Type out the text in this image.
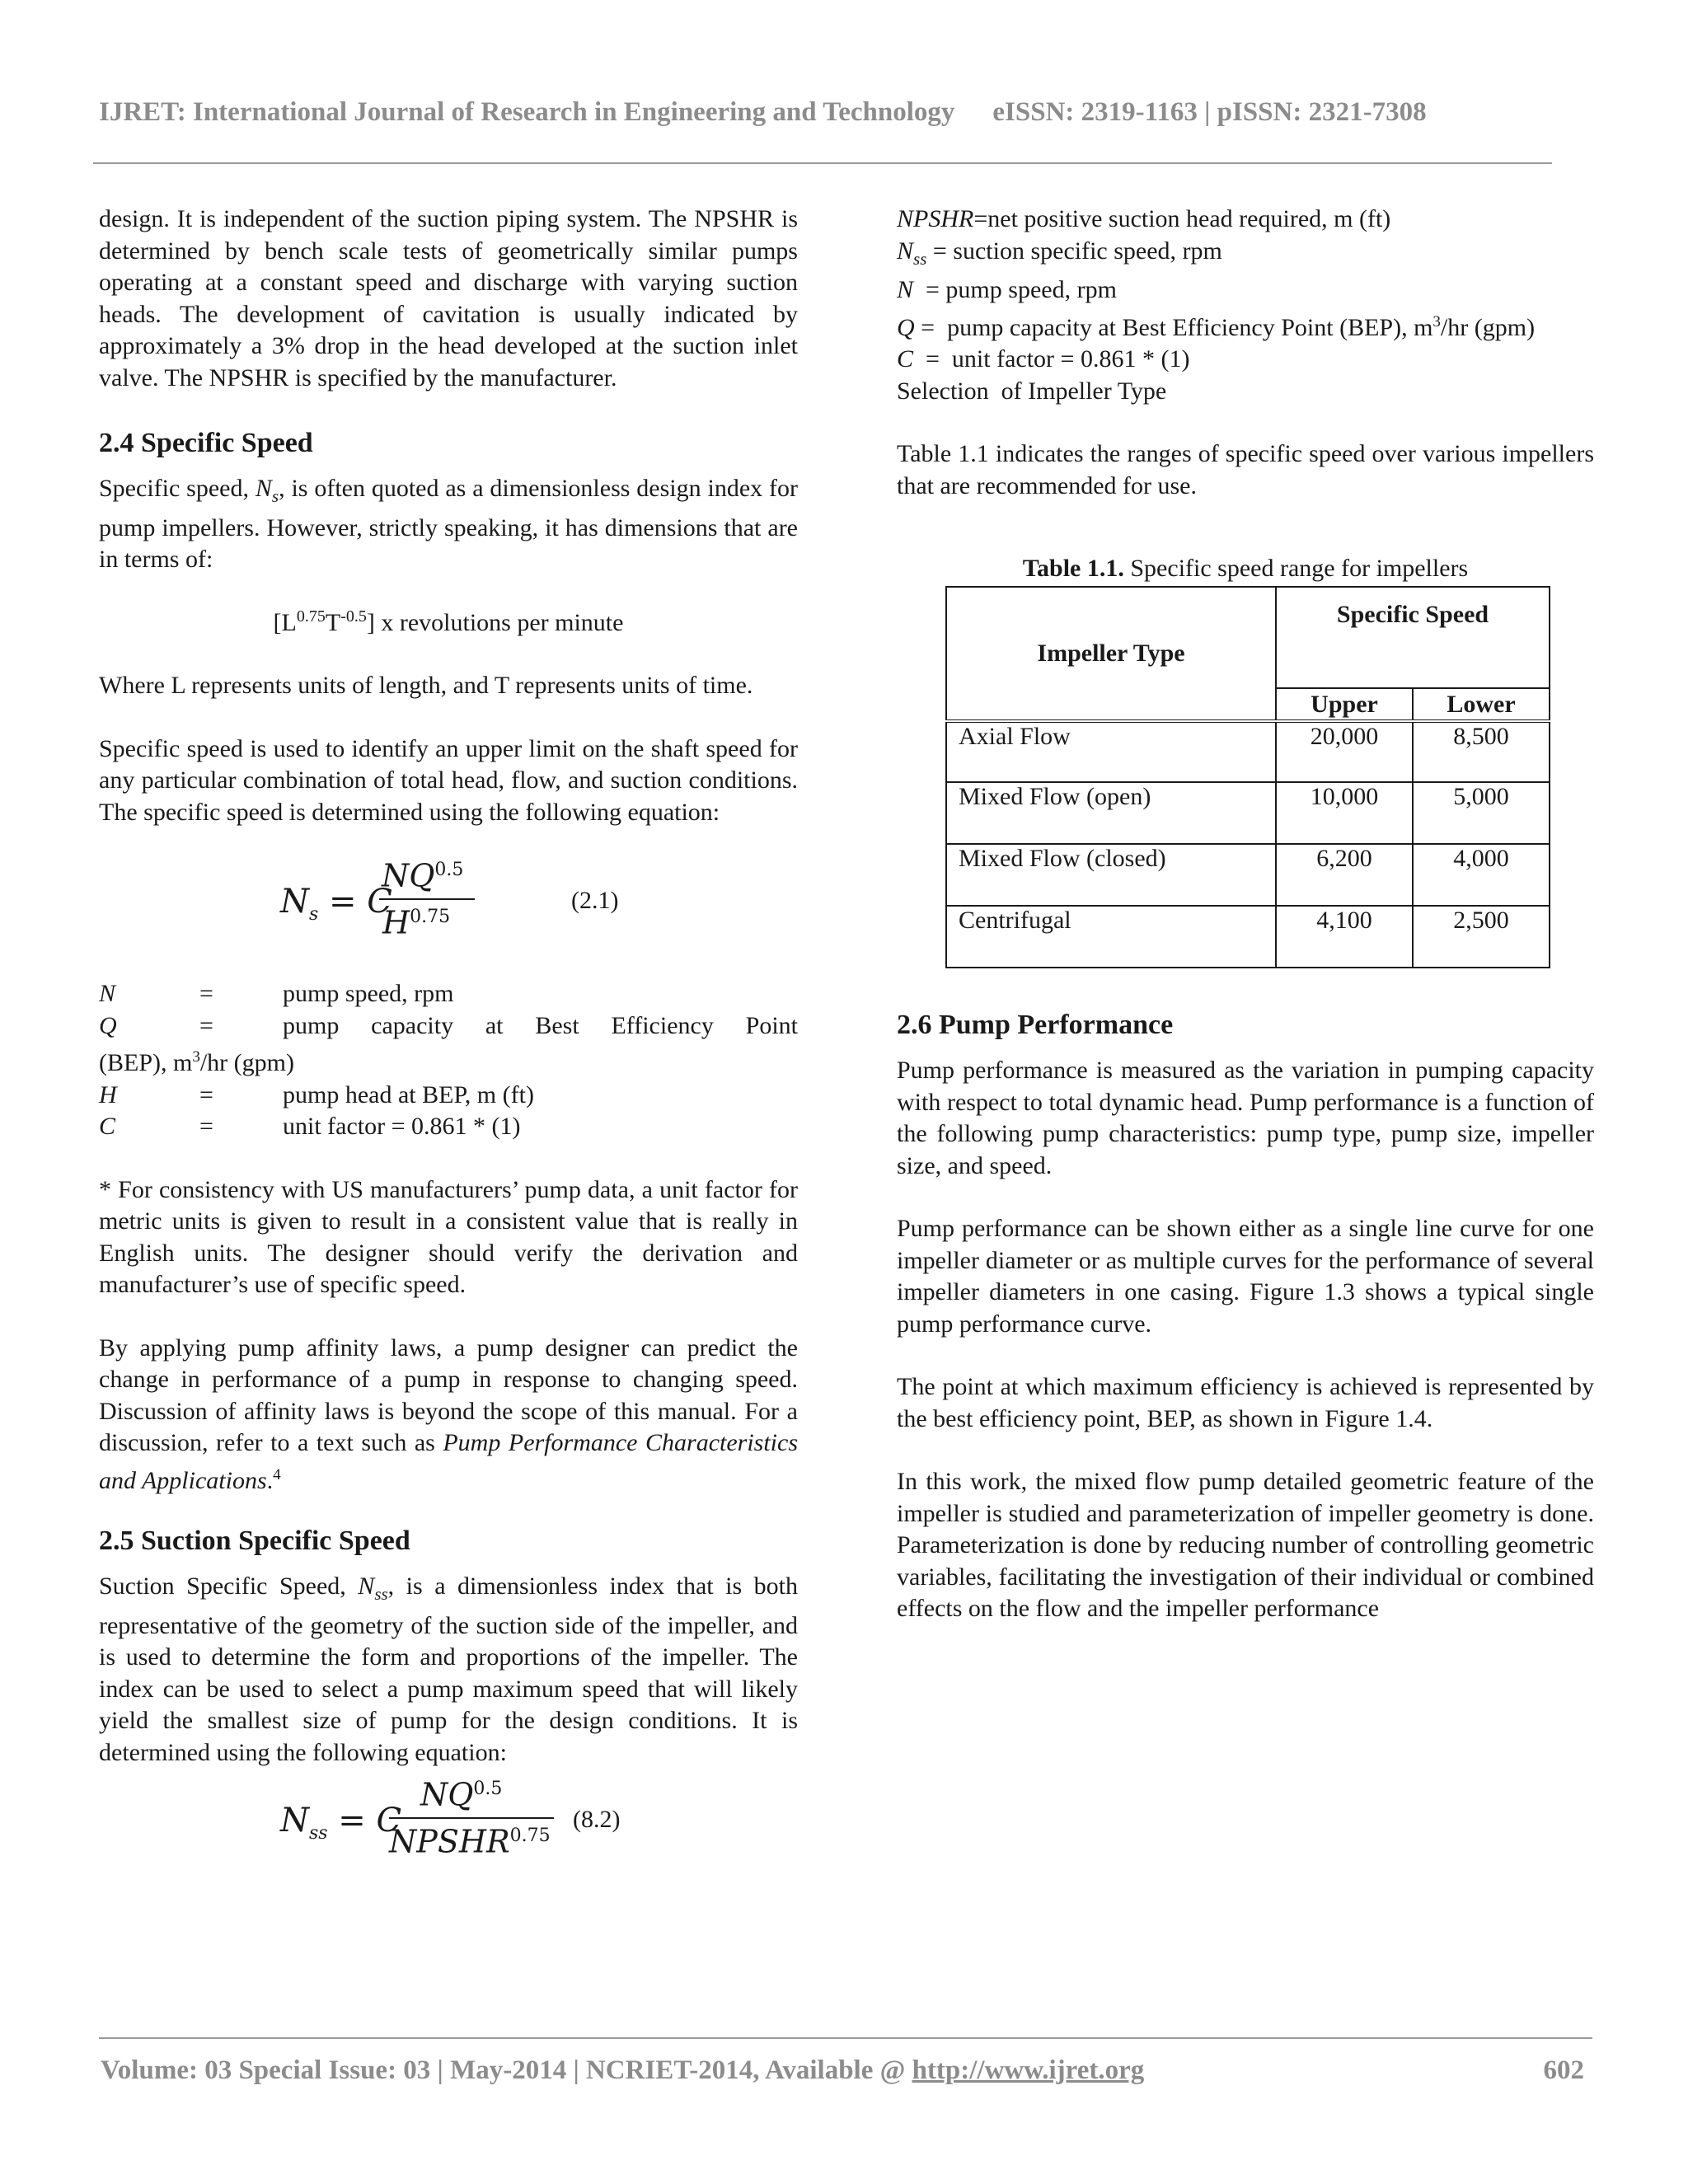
IJRET: International Journal of Research in Engineering and Technology eISSN: 2319-1163 | pISSN: 2321-7308

design. It is independent of the suction piping system. The NPSHR is determined by bench scale tests of geometrically similar pumps operating at a constant speed and discharge with varying suction heads. The development of cavitation is usually indicated by approximately a 3% drop in the head developed at the suction inlet valve. The NPSHR is specified by the manufacturer.

2.4 Specific Speed

Specific speed, $N_s$, is often quoted as a dimensionless design index for pump impellers. However, strictly speaking, it has dimensions that are in terms of:

$[L^{0.75}T^{-0.5}]$ x revolutions per minute

Where L represents units of length, and T represents units of time.

Specific speed is used to identify an upper limit on the shaft speed for any particular combination of total head, flow, and suction conditions. The specific speed is determined using the following equation:

$N_s = C$
$NQ^{0.5}$
$H^{0.75}$
(2.1)
N	=	pump speed, rpm
Q	=	pump capacity at Best Efficiency Point
(BEP), $m^3/hr$ (gpm)
H	=	pump head at BEP, m (ft)
C	=	unit factor = 0.861 * (1)

* For consistency with US manufacturers’ pump data, a unit factor for metric units is given to result in a consistent value that is really in English units. The designer should verify the derivation and manufacturer’s use of specific speed.

By applying pump affinity laws, a pump designer can predict the change in performance of a pump in response to changing speed. Discussion of affinity laws is beyond the scope of this manual. For a discussion, refer to a text such as Pump Performance Characteristics and Applications.$^4$

2.5 Suction Specific Speed

Suction Specific Speed, $N_{ss}$, is a dimensionless index that is both representative of the geometry of the suction side of the impeller, and is used to determine the form and proportions of the impeller. The index can be used to select a pump maximum speed that will likely yield the smallest size of pump for the design conditions. It is determined using the following equation:

$N_{ss} = C$
$NQ^{0.5}$
$NPSHR^{0.75}$
(8.2)
NPSHR=net positive suction head required, m (ft)
$N_{ss}$ = suction specific speed, rpm
N  = pump speed, rpm

Q =  pump capacity at Best Efficiency Point (BEP), $m^3/hr$ (gpm)

C  =  unit factor = 0.861 * (1)
Selection  of Impeller Type

Table 1.1 indicates the ranges of specific speed over various impellers that are recommended for use.

Table 1.1. Specific speed range for impellers
Impeller Type	Specific Speed	
	Upper	Lower
Axial Flow	20,000	8,500
Mixed Flow (open)	10,000	5,000
Mixed Flow (closed)	6,200	4,000
Centrifugal	4,100	2,500
2.6 Pump Performance

Pump performance is measured as the variation in pumping capacity with respect to total dynamic head. Pump performance is a function of the following pump characteristics: pump type, pump size, impeller size, and speed.

Pump performance can be shown either as a single line curve for one impeller diameter or as multiple curves for the performance of several impeller diameters in one casing. Figure 1.3 shows a typical single pump performance curve.

The point at which maximum efficiency is achieved is represented by the best efficiency point, BEP, as shown in Figure 1.4.

In this work, the mixed flow pump detailed geometric feature of the impeller is studied and parameterization of impeller geometry is done. Parameterization is done by reducing number of controlling geometric variables, facilitating the investigation of their individual or combined effects on the flow and the impeller performance

Volume: 03 Special Issue: 03 | May-2014 | NCRIET-2014, Available @ http://www.ijret.org	602
